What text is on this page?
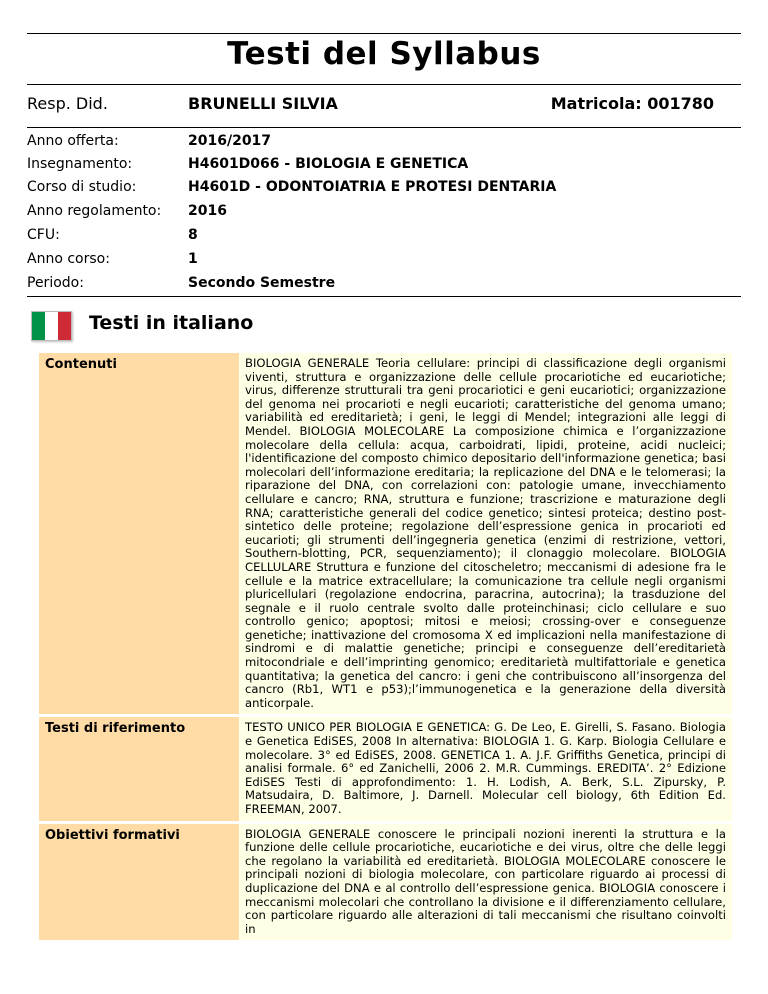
Testi del Syllabus
Resp. Did.	BRUNELLI SILVIA	Matricola: 001780
Anno offerta:	2016/2017
Insegnamento:	H4601D066 - BIOLOGIA E GENETICA
Corso di studio:	H4601D - ODONTOIATRIA E PROTESI DENTARIA
Anno regolamento: 2016
CFU:	8
Anno corso:	1
Periodo:	Secondo Semestre
Testi in italiano
Contenuti	BIOLOGIA GENERALE Teoria cellulare: principi di classificazione degli organismi viventi, struttura e organizzazione delle cellule procariotiche ed eucariotiche; virus, differenze strutturali tra geni procariotici e geni eucariotici; organizzazione del genoma nei procarioti e negli eucarioti; caratteristiche del genoma umano; variabilità ed ereditarietà; i geni, le leggi di Mendel; integrazioni alle leggi di Mendel. BIOLOGIA MOLECOLARE La composizione chimica e l’organizzazione molecolare della cellula: acqua, carboidrati, lipidi, proteine, acidi nucleici; l'identificazione del composto chimico depositario dell'informazione genetica; basi molecolari dell’informazione ereditaria; la replicazione del DNA e le telomerasi; la riparazione del DNA, con correlazioni con: patologie umane, invecchiamento cellulare e cancro; RNA, struttura e funzione; trascrizione e maturazione degli RNA; caratteristiche generali del codice genetico; sintesi proteica; destino post-sintetico delle proteine; regolazione dell’espressione genica in procarioti ed eucarioti; gli strumenti dell’ingegneria genetica (enzimi di restrizione, vettori, Southern-blotting, PCR, sequenziamento); il clonaggio molecolare. BIOLOGIA CELLULARE Struttura e funzione del citoscheletro; meccanismi di adesione fra le cellule e la matrice extracellulare; la comunicazione tra cellule negli organismi pluricellulari (regolazione endocrina, paracrina, autocrina); la trasduzione del segnale e il ruolo centrale svolto dalle proteinchinasi; ciclo cellulare e suo controllo genico; apoptosi; mitosi e meiosi; crossing-over e conseguenze genetiche; inattivazione del cromosoma X ed implicazioni nella manifestazione di sindromi e di malattie genetiche; principi e conseguenze dell’ereditarietà mitocondriale e dell’imprinting genomico; ereditarietà multifattoriale e genetica quantitativa; la genetica del cancro: i geni che contribuiscono all’insorgenza del cancro (Rb1, WT1 e p53);l’immunogenetica e la generazione della diversità anticorpale.
Testi di riferimento	TESTO UNICO PER BIOLOGIA E GENETICA: G. De Leo, E. Girelli, S. Fasano. Biologia e Genetica EdiSES, 2008 In alternativa: BIOLOGIA 1. G. Karp. Biologia Cellulare e molecolare. 3° ed EdiSES, 2008. GENETICA 1. A. J.F. Griffiths Genetica, principi di analisi formale. 6° ed Zanichelli, 2006 2. M.R. Cummings. EREDITA’. 2° Edizione EdiSES Testi di approfondimento: 1. H. Lodish, A. Berk, S.L. Zipursky, P. Matsudaira, D. Baltimore, J. Darnell. Molecular cell biology, 6th Edition Ed. FREEMAN, 2007.
Obiettivi formativi	BIOLOGIA GENERALE conoscere le principali nozioni inerenti la struttura e la funzione delle cellule procariotiche, eucariotiche e dei virus, oltre che delle leggi che regolano la variabilità ed ereditarietà. BIOLOGIA MOLECOLARE conoscere le principali nozioni di biologia molecolare, con particolare riguardo ai processi di duplicazione del DNA e al controllo dell’espressione genica. BIOLOGIA conoscere i meccanismi molecolari che controllano la divisione e il differenziamento cellulare, con particolare riguardo alle alterazioni di tali meccanismi che risultano coinvolti in
